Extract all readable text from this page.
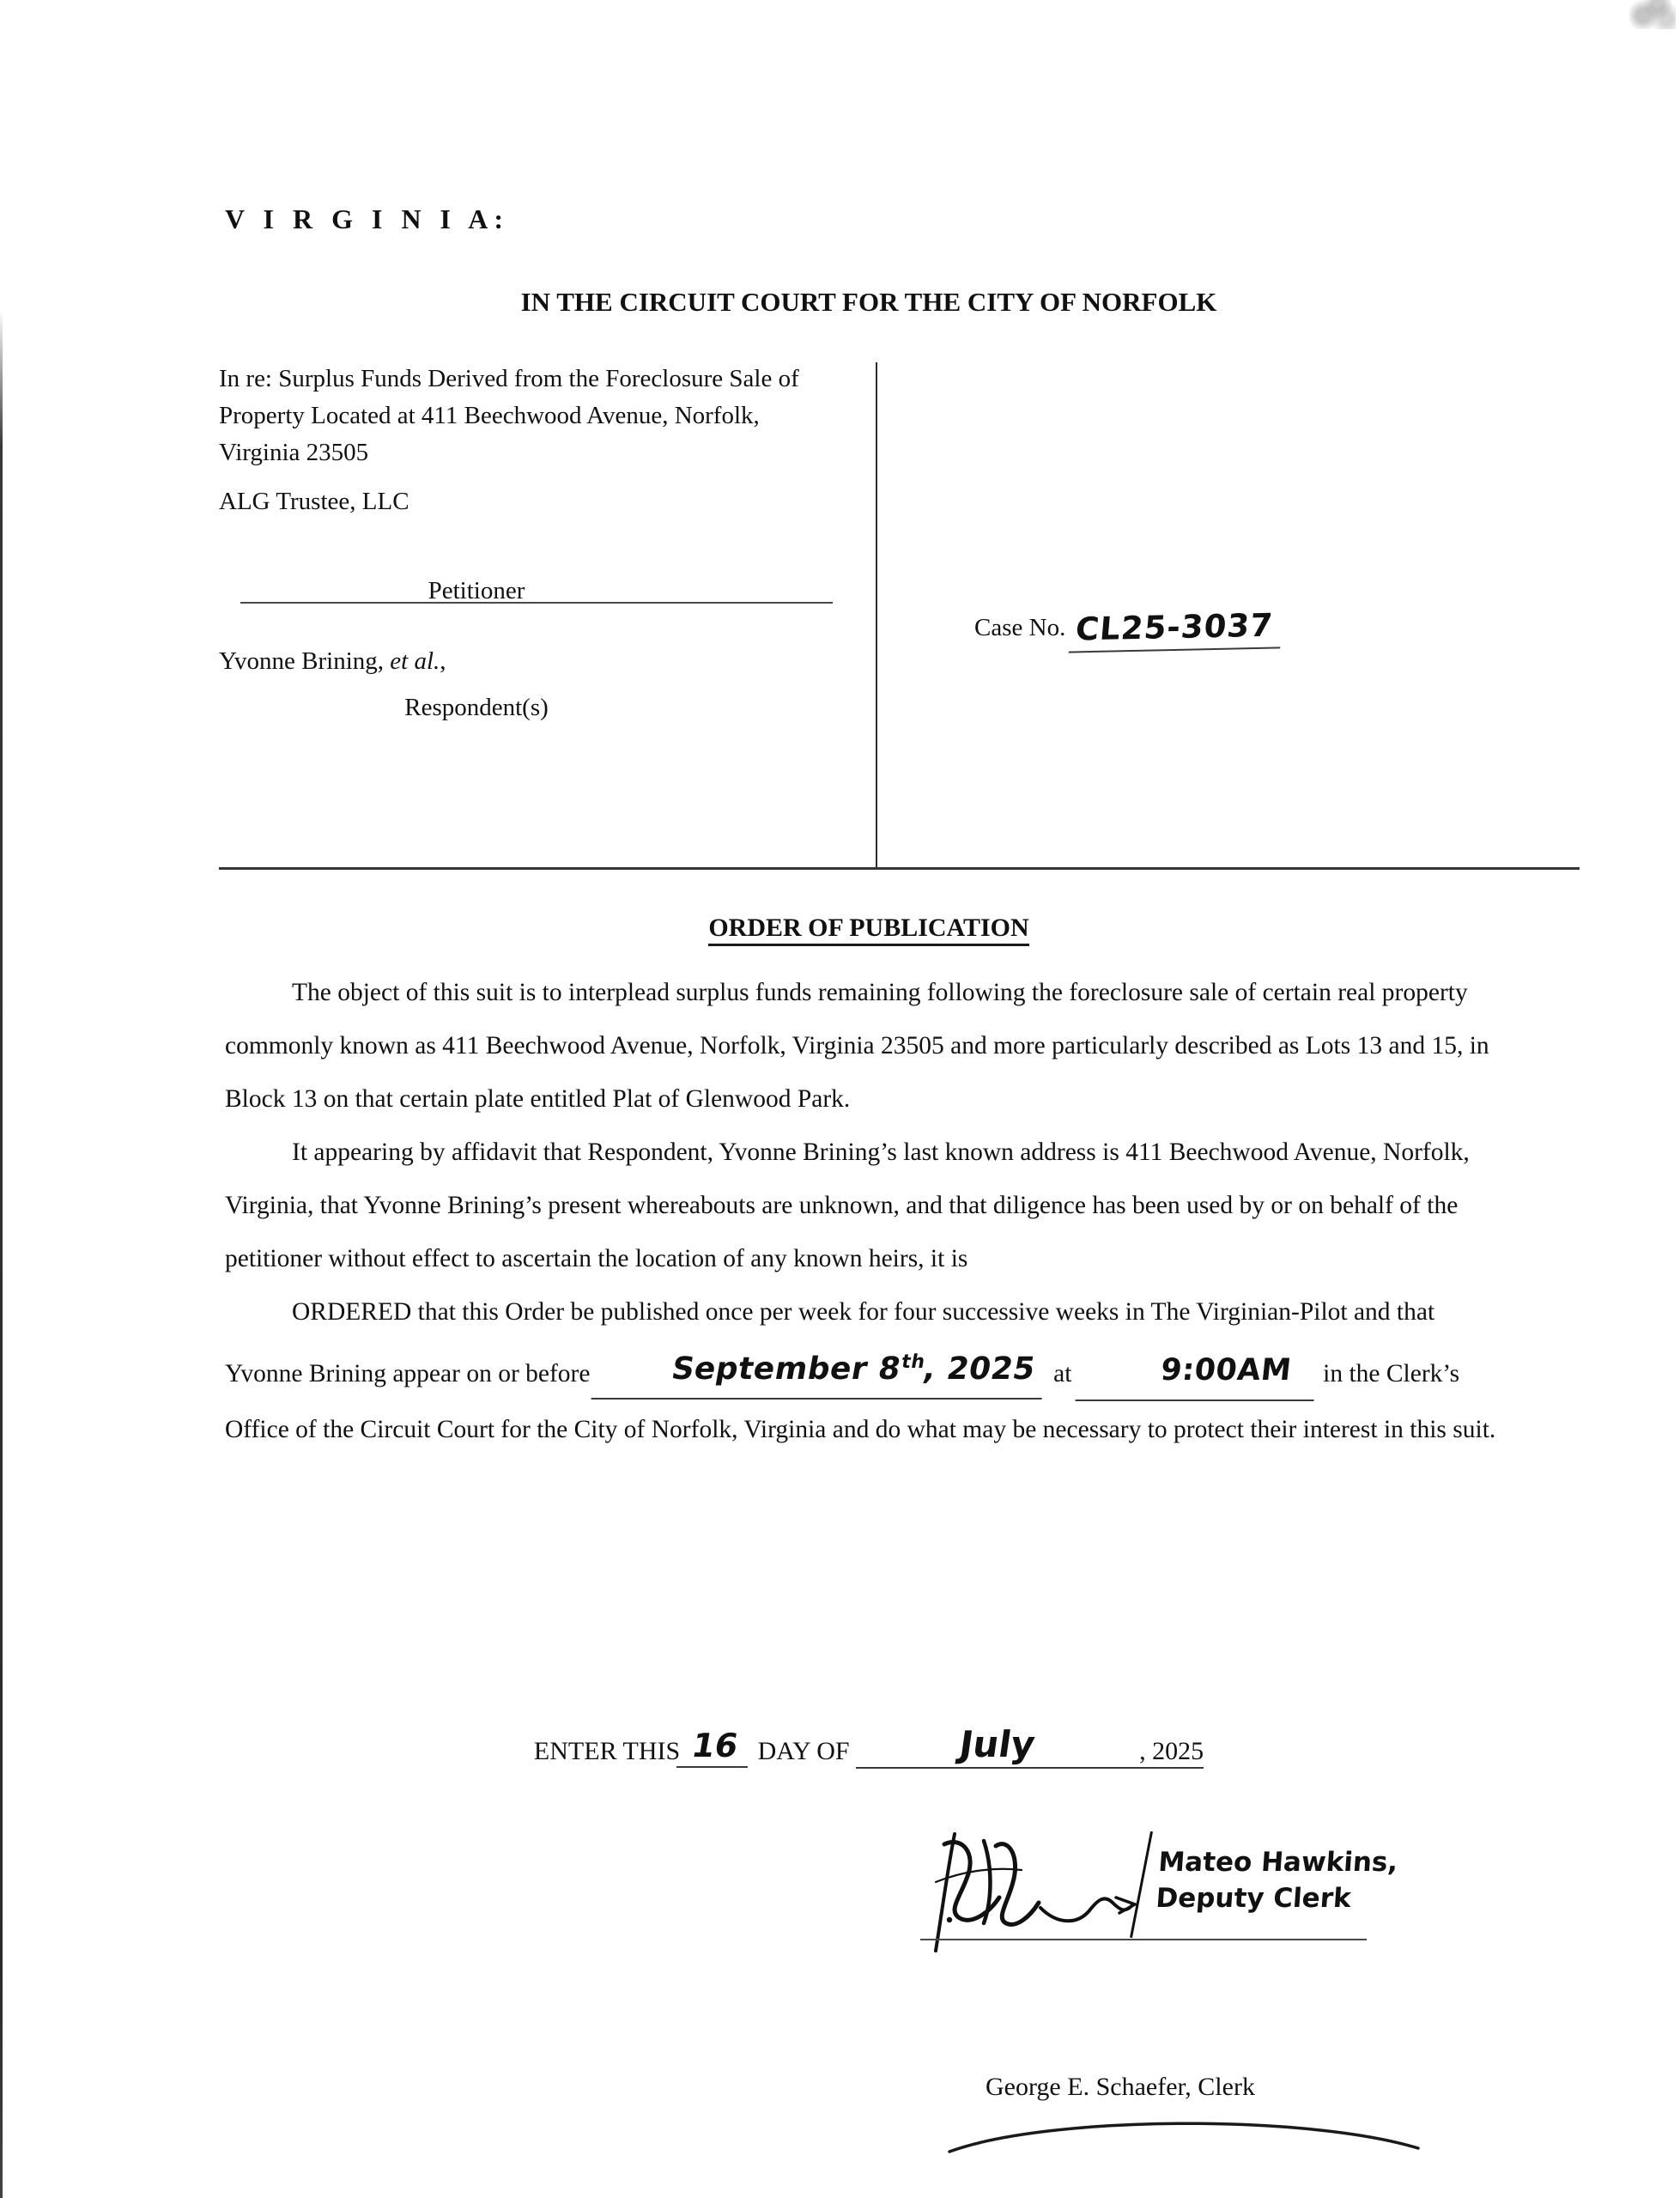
V I R G I N I A:
IN THE CIRCUIT COURT FOR THE CITY OF NORFOLK
In re: Surplus Funds Derived from the Foreclosure Sale of Property Located at 411 Beechwood Avenue, Norfolk, Virginia 23505
ALG Trustee, LLC
Petitioner
Yvonne Brining, et al.,
Respondent(s)
Case No. CL25-3037
ORDER OF PUBLICATION

The object of this suit is to interplead surplus funds remaining following the foreclosure sale of certain real property commonly known as 411 Beechwood Avenue, Norfolk, Virginia 23505 and more particularly described as Lots 13 and 15, in Block 13 on that certain plate entitled Plat of Glenwood Park.

It appearing by affidavit that Respondent, Yvonne Brining’s last known address is 411 Beechwood Avenue, Norfolk, Virginia, that Yvonne Brining’s present whereabouts are unknown, and that diligence has been used by or on behalf of the petitioner without effect to ascertain the location of any known heirs, it is

ORDERED that this Order be published once per week for four successive weeks in The Virginian-Pilot and that Yvonne Brining appear on or before September 8th, 2025 at	9:00AM in the Clerk’s Office of the Circuit Court for the City of Norfolk, Virginia and do what may be necessary to protect their interest in this suit.

ENTER THIS 16 DAY OF	July	, 2025
Mateo Hawkins,
Deputy Clerk
George E. Schaefer, Clerk
